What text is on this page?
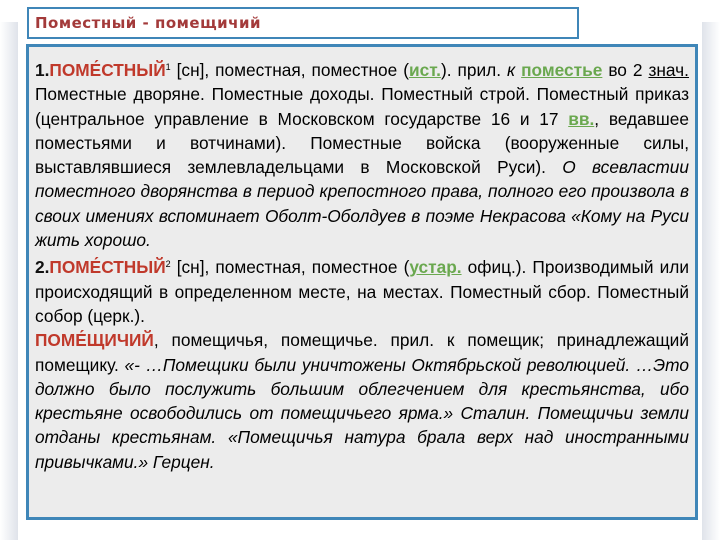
Поместный - помещичий
1.ПОМЕ́СТНЫЙ$^1$ [сн], поместная, поместное (ист.). прил. к поместье во 2 знач. Поместные дворяне. Поместные доходы. Поместный строй. Поместный приказ (центральное управление в Московском государстве 16 и 17 вв., ведавшее поместьями и вотчинами). Поместные войска (вооруженные силы, выставлявшиеся землевладельцами в Московской Руси). О всевластии поместного дворянства в период крепостного права, полного его произвола в своих имениях вспоминает Оболт-Оболдуев в поэме Некрасова «Кому на Руси жить хорошо.
2.ПОМЕ́СТНЫЙ$^2$ [сн], поместная, поместное (устар. офиц.). Производимый или происходящий в определенном месте, на местах. Поместный сбор. Поместный собор (церк.).
ПОМЕ́ЩИЧИЙ, помещичья, помещичье. прил. к помещик; принадлежащий помещику. «- …Помещики были уничтожены Октябрьской революцией. …Это должно было послужить большим облегчением для крестьянства, ибо крестьяне освободились от помещичьего ярма.» Сталин. Помещичьи земли отданы крестьянам. «Помещичья натура брала верх над иностранными привычками.» Герцен.
